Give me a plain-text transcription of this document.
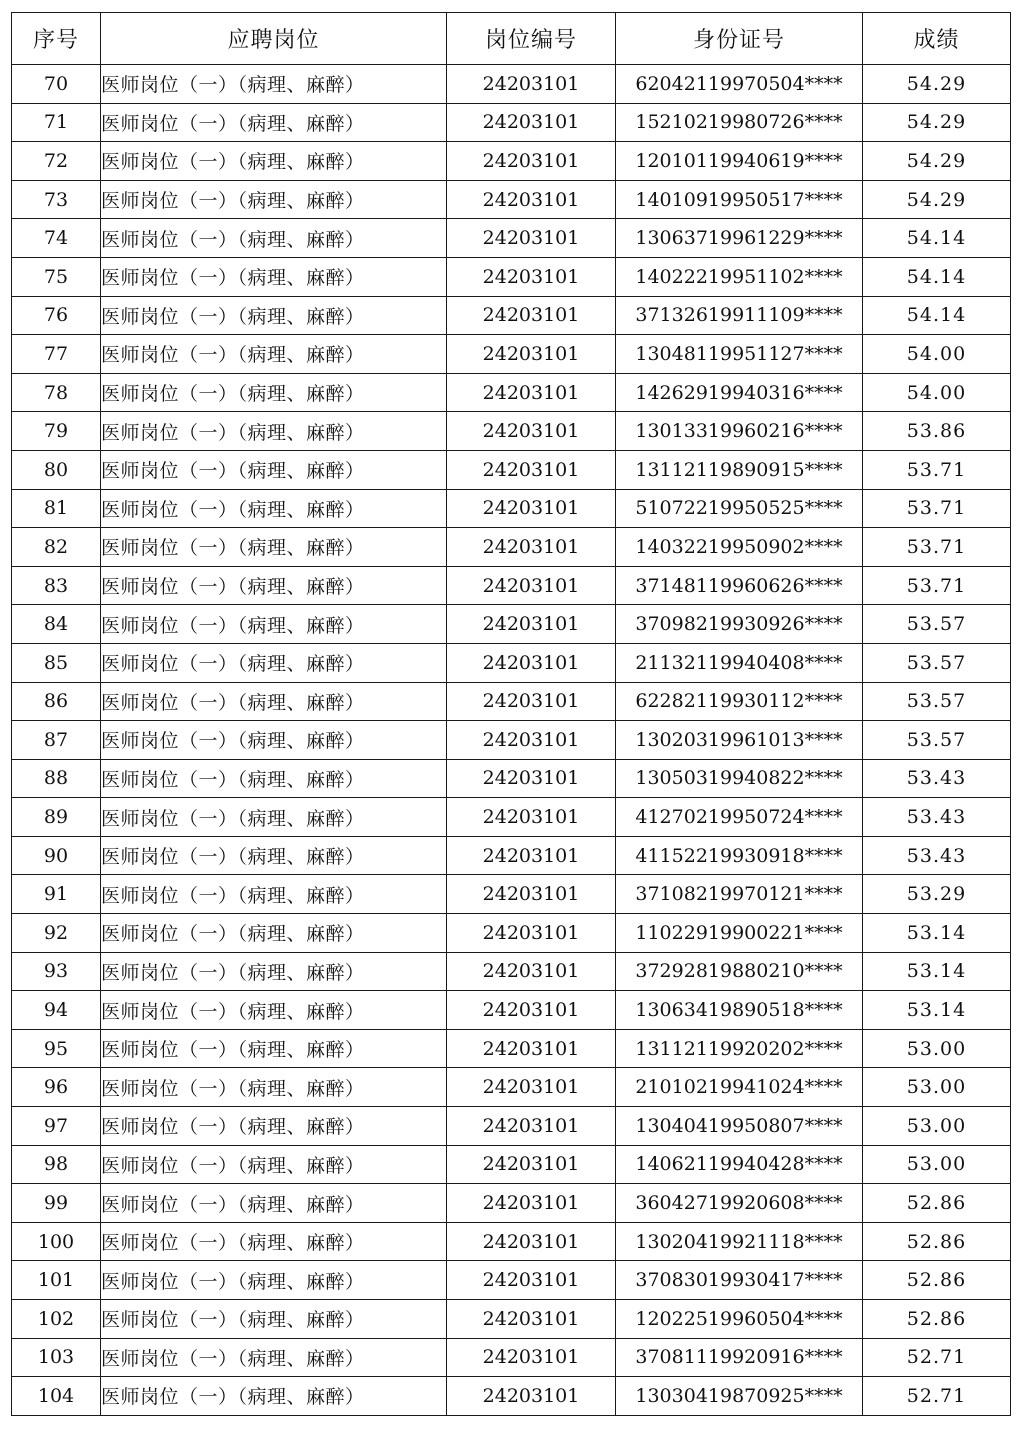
序号	应聘岗位	岗位编号	身份证号	成绩
70	医师岗位（一）（病理、麻醉）	24203101	62042119970504****	54.29
71	医师岗位（一）（病理、麻醉）	24203101	15210219980726****	54.29
72	医师岗位（一）（病理、麻醉）	24203101	12010119940619****	54.29
73	医师岗位（一）（病理、麻醉）	24203101	14010919950517****	54.29
74	医师岗位（一）（病理、麻醉）	24203101	13063719961229****	54.14
75	医师岗位（一）（病理、麻醉）	24203101	14022219951102****	54.14
76	医师岗位（一）（病理、麻醉）	24203101	37132619911109****	54.14
77	医师岗位（一）（病理、麻醉）	24203101	13048119951127****	54.00
78	医师岗位（一）（病理、麻醉）	24203101	14262919940316****	54.00
79	医师岗位（一）（病理、麻醉）	24203101	13013319960216****	53.86
80	医师岗位（一）（病理、麻醉）	24203101	13112119890915****	53.71
81	医师岗位（一）（病理、麻醉）	24203101	51072219950525****	53.71
82	医师岗位（一）（病理、麻醉）	24203101	14032219950902****	53.71
83	医师岗位（一）（病理、麻醉）	24203101	37148119960626****	53.71
84	医师岗位（一）（病理、麻醉）	24203101	37098219930926****	53.57
85	医师岗位（一）（病理、麻醉）	24203101	21132119940408****	53.57
86	医师岗位（一）（病理、麻醉）	24203101	62282119930112****	53.57
87	医师岗位（一）（病理、麻醉）	24203101	13020319961013****	53.57
88	医师岗位（一）（病理、麻醉）	24203101	13050319940822****	53.43
89	医师岗位（一）（病理、麻醉）	24203101	41270219950724****	53.43
90	医师岗位（一）（病理、麻醉）	24203101	41152219930918****	53.43
91	医师岗位（一）（病理、麻醉）	24203101	37108219970121****	53.29
92	医师岗位（一）（病理、麻醉）	24203101	11022919900221****	53.14
93	医师岗位（一）（病理、麻醉）	24203101	37292819880210****	53.14
94	医师岗位（一）（病理、麻醉）	24203101	13063419890518****	53.14
95	医师岗位（一）（病理、麻醉）	24203101	13112119920202****	53.00
96	医师岗位（一）（病理、麻醉）	24203101	21010219941024****	53.00
97	医师岗位（一）（病理、麻醉）	24203101	13040419950807****	53.00
98	医师岗位（一）（病理、麻醉）	24203101	14062119940428****	53.00
99	医师岗位（一）（病理、麻醉）	24203101	36042719920608****	52.86
100	医师岗位（一）（病理、麻醉）	24203101	13020419921118****	52.86
101	医师岗位（一）（病理、麻醉）	24203101	37083019930417****	52.86
102	医师岗位（一）（病理、麻醉）	24203101	12022519960504****	52.86
103	医师岗位（一）（病理、麻醉）	24203101	37081119920916****	52.71
104	医师岗位（一）（病理、麻醉）	24203101	13030419870925****	52.71
